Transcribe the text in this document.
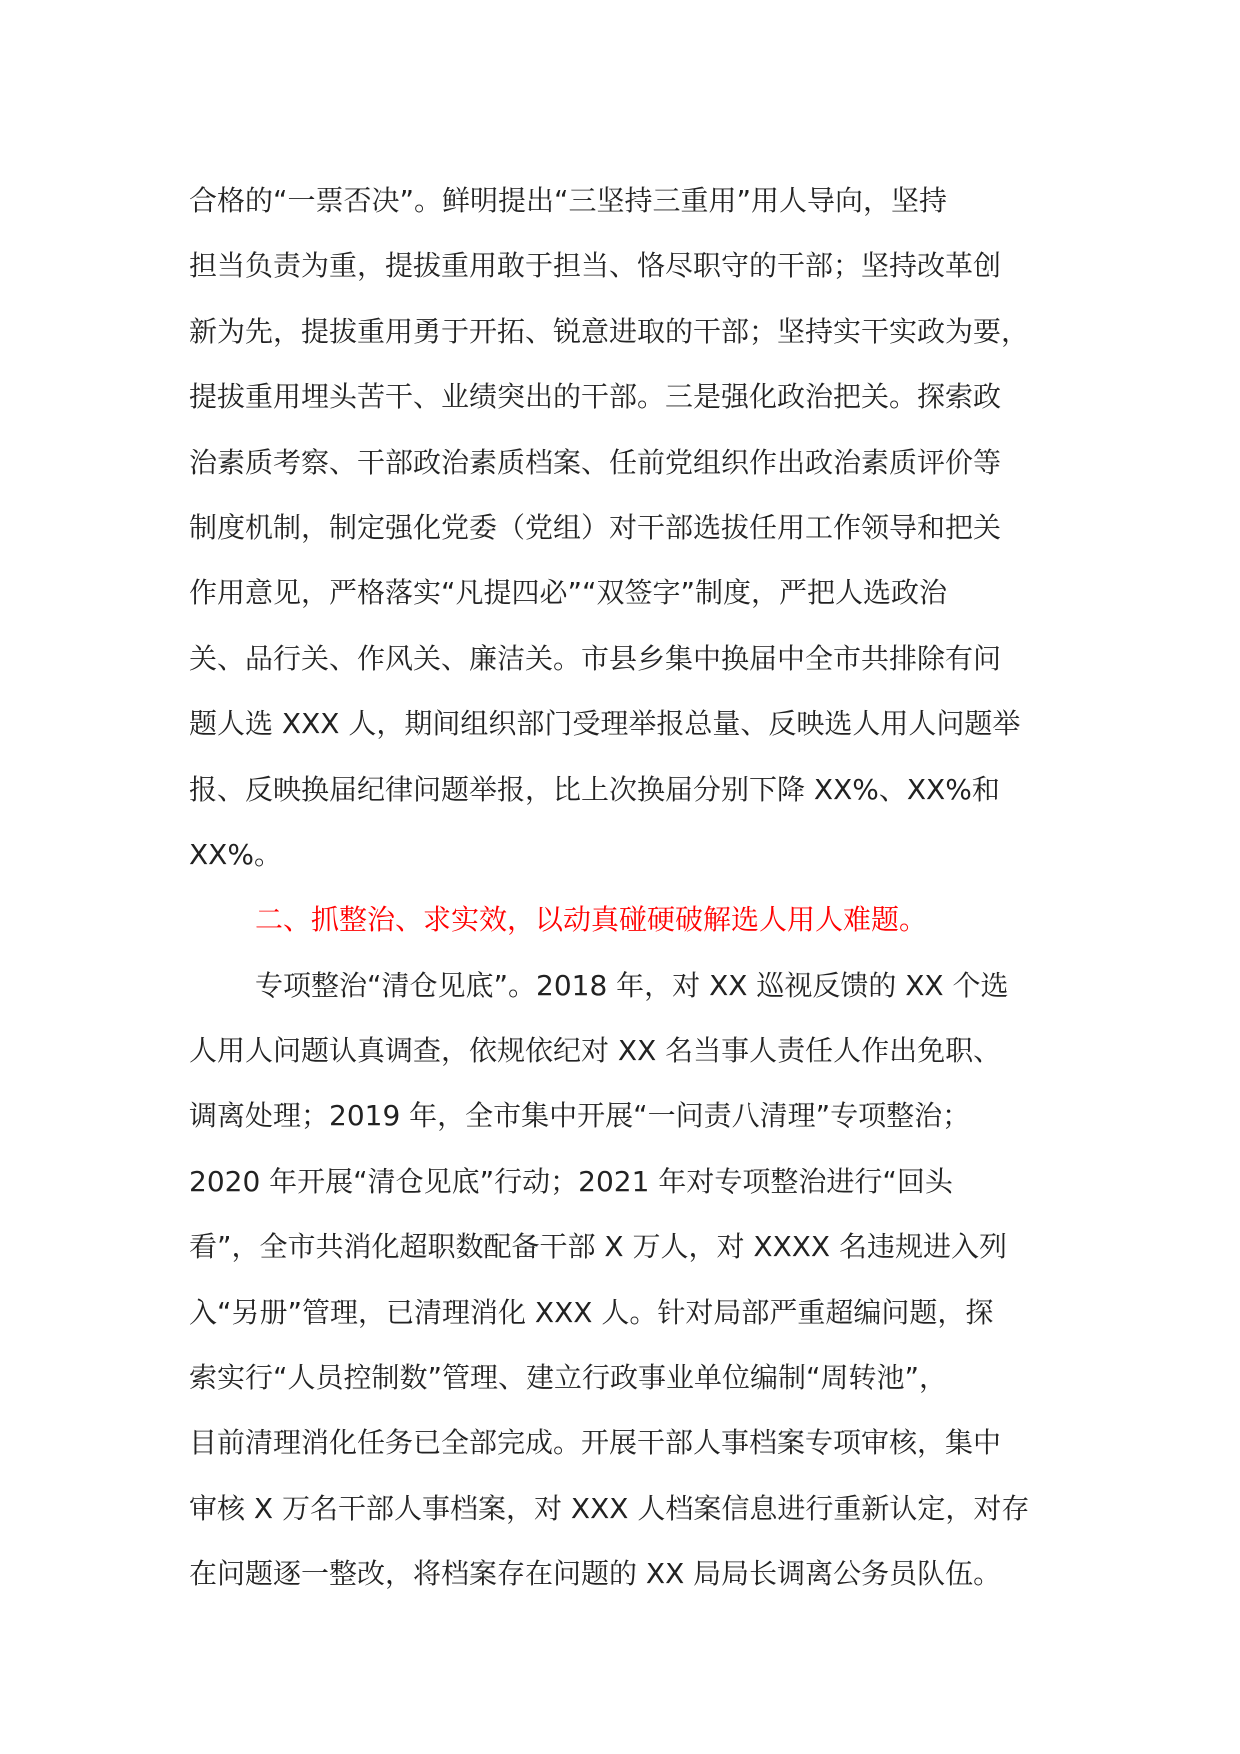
合格的“一票否决”。鲜明提出“三坚持三重用”用人导向，坚持
担当负责为重，提拔重用敢于担当、恪尽职守的干部；坚持改革创
新为先，提拔重用勇于开拓、锐意进取的干部；坚持实干实政为要，
提拔重用埋头苦干、业绩突出的干部。三是强化政治把关。探索政
治素质考察、干部政治素质档案、任前党组织作出政治素质评价等
制度机制，制定强化党委（党组）对干部选拔任用工作领导和把关
作用意见，严格落实“凡提四必”“双签字”制度，严把人选政治
关、品行关、作风关、廉洁关。市县乡集中换届中全市共排除有问
题人选 XXX 人，期间组织部门受理举报总量、反映选人用人问题举
报、反映换届纪律问题举报，比上次换届分别下降 XX%、XX%和
XX%。
二、抓整治、求实效，以动真碰硬破解选人用人难题。
专项整治“清仓见底”。2018 年，对 XX 巡视反馈的 XX 个选
人用人问题认真调查，依规依纪对 XX 名当事人责任人作出免职、
调离处理；2019 年，全市集中开展“一问责八清理”专项整治；
2020 年开展“清仓见底”行动；2021 年对专项整治进行“回头
看”，全市共消化超职数配备干部 X 万人，对 XXXX 名违规进入列
入“另册”管理，已清理消化 XXX 人。针对局部严重超编问题，探
索实行“人员控制数”管理、建立行政事业单位编制“周转池”，
目前清理消化任务已全部完成。开展干部人事档案专项审核，集中
审核 X 万名干部人事档案，对 XXX 人档案信息进行重新认定，对存
在问题逐一整改，将档案存在问题的 XX 局局长调离公务员队伍。
